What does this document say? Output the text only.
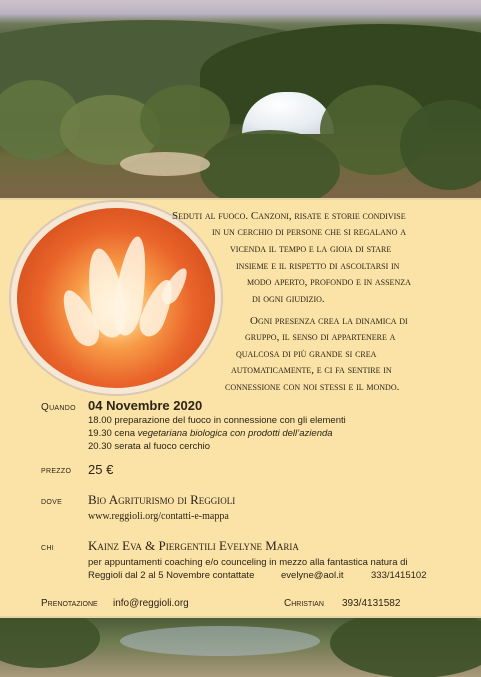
Seduti al fuoco. Canzoni, risate e storie condivise
in un cerchio di persone che si regalano a
vicenda il tempo e la gioia di stare
insieme e il rispetto di ascoltarsi in
modo aperto, profondo e in assenza
di ogni giudizio.
Ogni presenza crea la dinamica di
gruppo, il senso di appartenere a
qualcosa di più grande si crea
automaticamente, e ci fa sentire in
connessione con noi stessi e il mondo.
Quando 04 Novembre 2020
18.00 preparazione del fuoco in connessione con gli elementi
19.30 cena vegetariana biologica con prodotti dell’azienda
20.30 serata al fuoco cerchio
prezzo 25 €
dove Bio Agriturismo di Reggioli
www.reggioli.org/contatti-e-mappa
chi	Kainz Eva & Piergentili Evelyne Maria
per appuntamenti coaching e/o counceling in mezzo alla fantastica natura di
Reggioli dal 2 al 5 Novembre contattate	evelyne@aol.it	333/1415102
Prenotazione info@reggioli.org	Christian 393/4131582
